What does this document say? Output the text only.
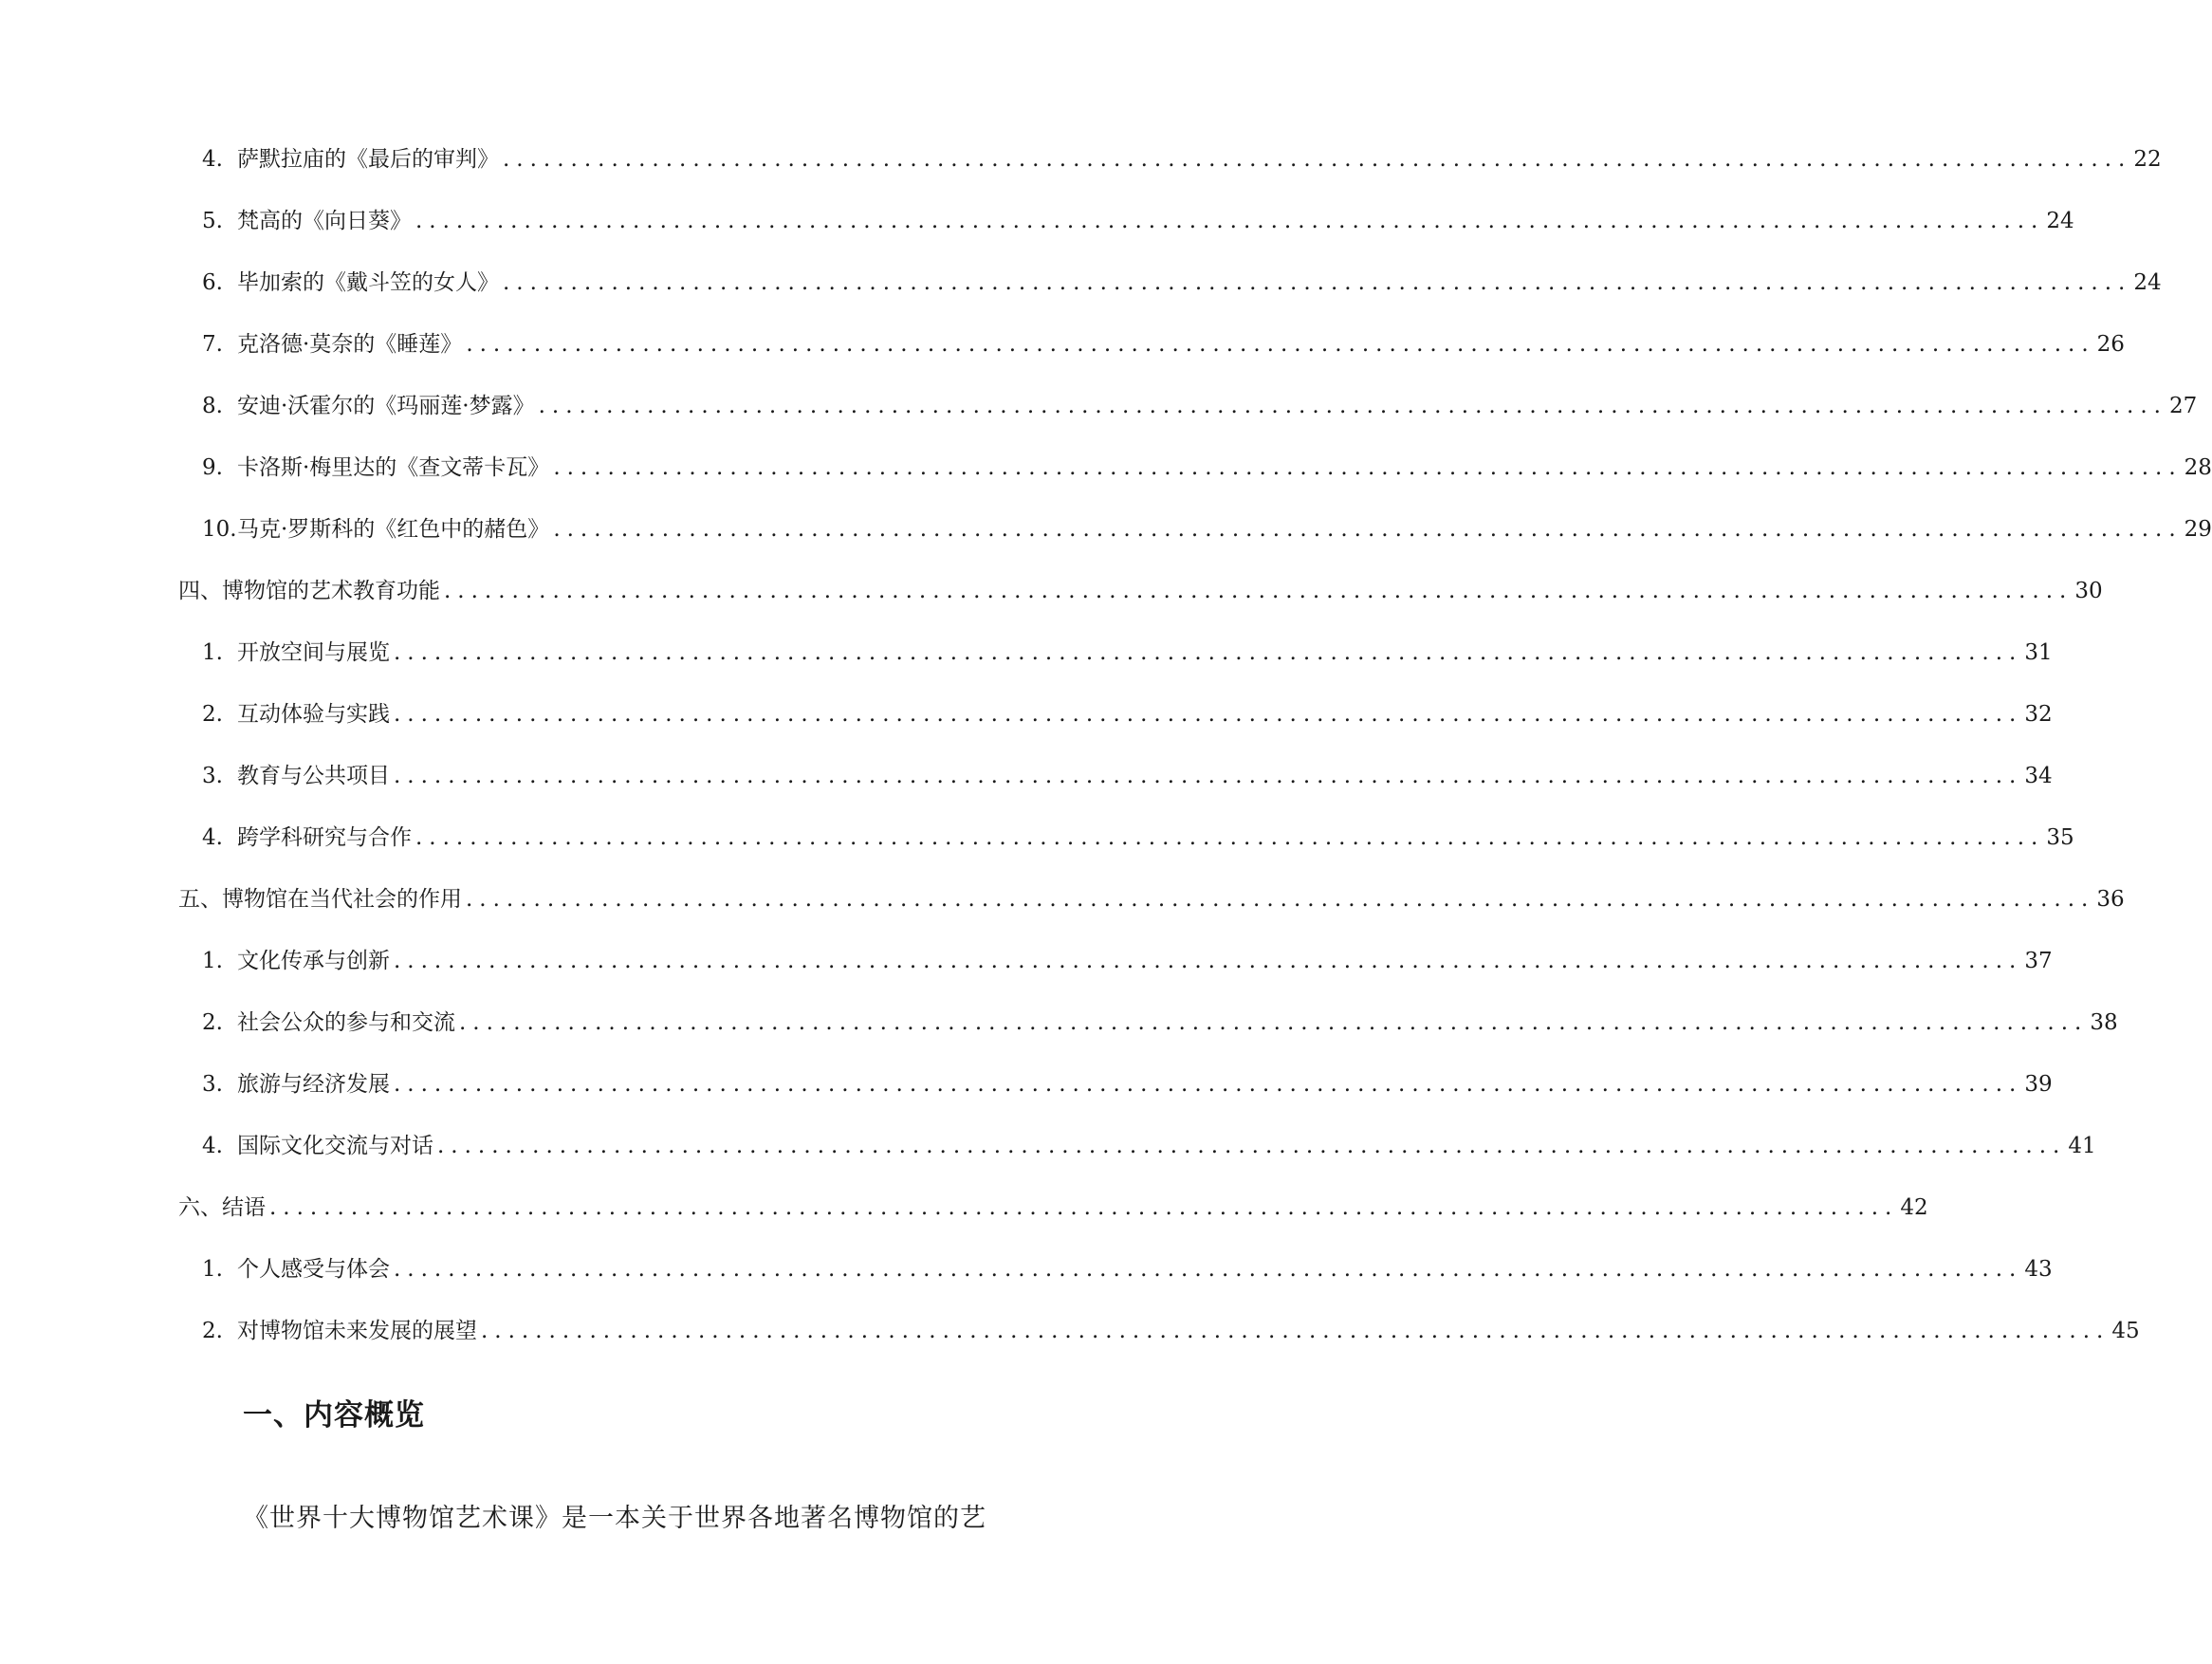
4. 萨默拉庙的《最后的审判》 ........................................................................................................................ 22
5. 梵高的《向日葵》 ........................................................................................................................ 24
6. 毕加索的《戴斗笠的女人》 ........................................................................................................................ 24
7. 克洛德·莫奈的《睡莲》 ........................................................................................................................ 26
8. 安迪·沃霍尔的《玛丽莲·梦露》 ........................................................................................................................ 27
9. 卡洛斯·梅里达的《查文蒂卡瓦》 ........................................................................................................................ 28
10. 马克·罗斯科的《红色中的赭色》 ........................................................................................................................ 29
四、博物馆的艺术教育功能 ........................................................................................................................ 30
1. 开放空间与展览 ........................................................................................................................ 31
2. 互动体验与实践 ........................................................................................................................ 32
3. 教育与公共项目 ........................................................................................................................ 34
4. 跨学科研究与合作 ........................................................................................................................ 35
五、博物馆在当代社会的作用 ........................................................................................................................ 36
1. 文化传承与创新 ........................................................................................................................ 37
2. 社会公众的参与和交流 ........................................................................................................................ 38
3. 旅游与经济发展 ........................................................................................................................ 39
4. 国际文化交流与对话 ........................................................................................................................ 41
六、结语 ........................................................................................................................ 42
1. 个人感受与体会 ........................................................................................................................ 43
2. 对博物馆未来发展的展望 ........................................................................................................................ 45
一、内容概览

《世界十大博物馆艺术课》是一本关于世界各地著名博物馆的艺
